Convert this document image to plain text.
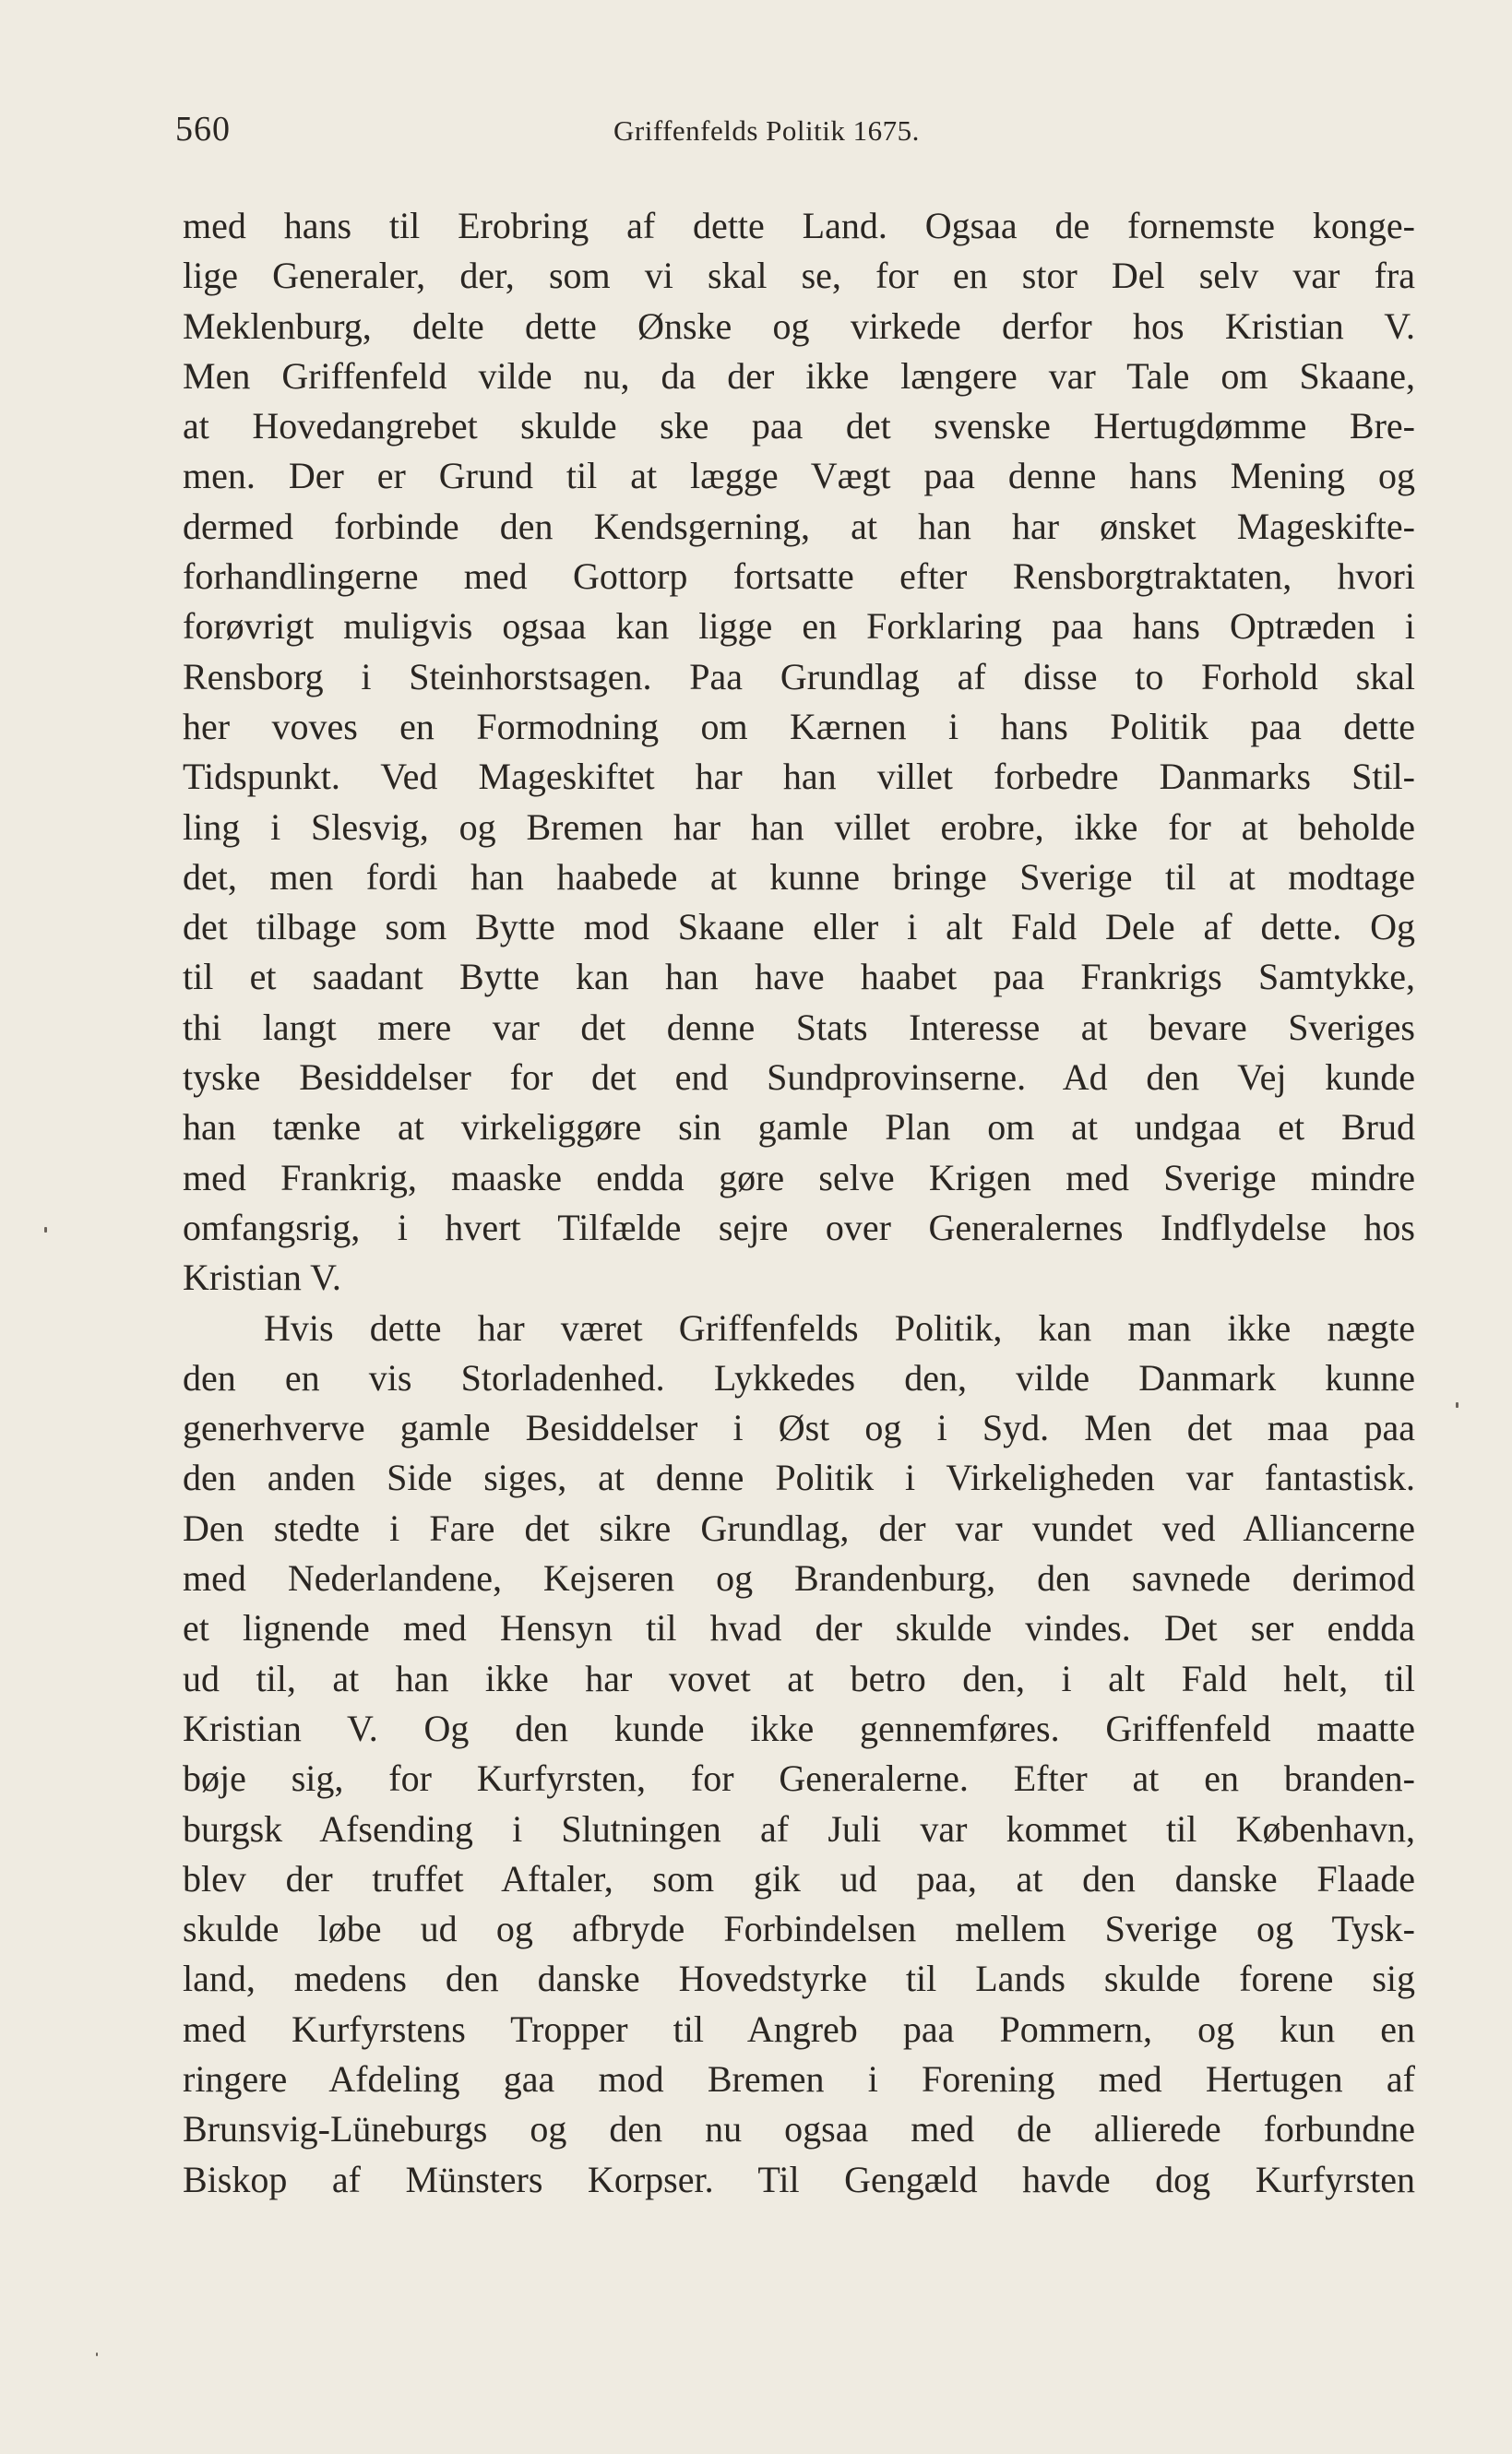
560	Griffenfelds Politik 1675.
med hans til Erobring af dette Land. Ogsaa de fornemste konge-
lige Generaler, der, som vi skal se, for en stor Del selv var fra
Meklenburg, delte dette Ønske og virkede derfor hos Kristian V.
Men Griffenfeld vilde nu, da der ikke længere var Tale om Skaane,
at Hovedangrebet skulde ske paa det svenske Hertugdømme Bre-
men. Der er Grund til at lægge Vægt paa denne hans Mening og
dermed forbinde den Kendsgerning, at han har ønsket Mageskifte-
forhandlingerne med Gottorp fortsatte efter Rensborgtraktaten, hvori
forøvrigt muligvis ogsaa kan ligge en Forklaring paa hans Optræden i
Rensborg i Steinhorstsagen. Paa Grundlag af disse to Forhold skal
her voves en Formodning om Kærnen i hans Politik paa dette
Tidspunkt. Ved Mageskiftet har han villet forbedre Danmarks Stil-
ling i Slesvig, og Bremen har han villet erobre, ikke for at beholde
det, men fordi han haabede at kunne bringe Sverige til at modtage
det tilbage som Bytte mod Skaane eller i alt Fald Dele af dette. Og
til et saadant Bytte kan han have haabet paa Frankrigs Samtykke,
thi langt mere var det denne Stats Interesse at bevare Sveriges
tyske Besiddelser for det end Sundprovinserne. Ad den Vej kunde
han tænke at virkeliggøre sin gamle Plan om at undgaa et Brud
med Frankrig, maaske endda gøre selve Krigen med Sverige mindre
omfangsrig, i hvert Tilfælde sejre over Generalernes Indflydelse hos
Kristian V.
Hvis dette har været Griffenfelds Politik, kan man ikke nægte
den en vis Storladenhed. Lykkedes den, vilde Danmark kunne
generhverve gamle Besiddelser i Øst og i Syd. Men det maa paa
den anden Side siges, at denne Politik i Virkeligheden var fantastisk.
Den stedte i Fare det sikre Grundlag, der var vundet ved Alliancerne
med Nederlandene, Kejseren og Brandenburg, den savnede derimod
et lignende med Hensyn til hvad der skulde vindes. Det ser endda
ud til, at han ikke har vovet at betro den, i alt Fald helt, til
Kristian V. Og den kunde ikke gennemføres. Griffenfeld maatte
bøje sig, for Kurfyrsten, for Generalerne. Efter at en branden-
burgsk Afsending i Slutningen af Juli var kommet til København,
blev der truffet Aftaler, som gik ud paa, at den danske Flaade
skulde løbe ud og afbryde Forbindelsen mellem Sverige og Tysk-
land, medens den danske Hovedstyrke til Lands skulde forene sig
med Kurfyrstens Tropper til Angreb paa Pommern, og kun en
ringere Afdeling gaa mod Bremen i Forening med Hertugen af
Brunsvig-Lüneburgs og den nu ogsaa med de allierede forbundne
Biskop af Münsters Korpser. Til Gengæld havde dog Kurfyrsten
